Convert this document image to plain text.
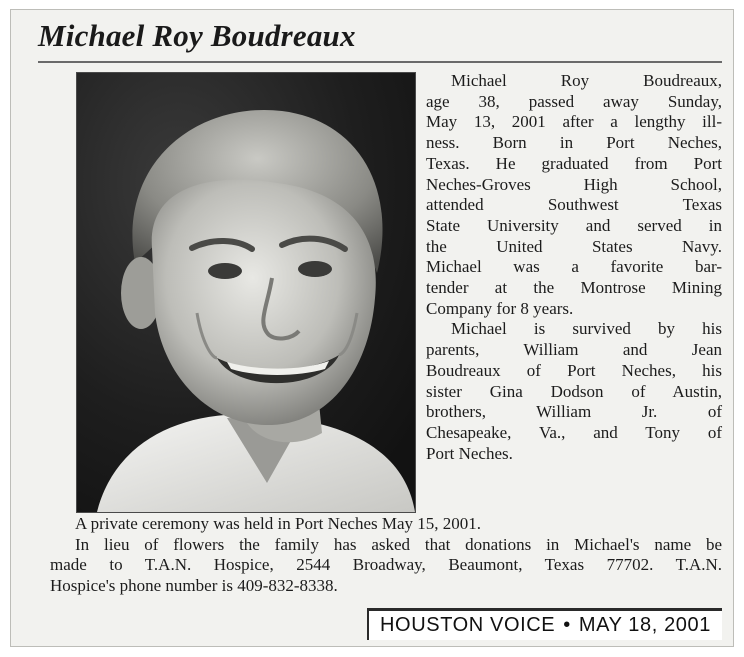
Michael Roy Boudreaux
Michael Roy Boudreaux,
age 38, passed away Sunday,
May 13, 2001 after a lengthy ill-
ness. Born in Port Neches,
Texas. He graduated from Port
Neches-Groves High School,
attended Southwest Texas
State University and served in
the United States Navy.
Michael was a favorite bar-
tender at the Montrose Mining
Company for 8 years.
Michael is survived by his
parents, William and Jean
Boudreaux of Port Neches, his
sister Gina Dodson of Austin,
brothers, William Jr. of
Chesapeake, Va., and Tony of
Port Neches.
A private ceremony was held in Port Neches May 15, 2001.
In lieu of flowers the family has asked that donations in Michael's name be
made to T.A.N. Hospice, 2544 Broadway, Beaumont, Texas 77702. T.A.N.
Hospice's phone number is 409-832-8338.
HOUSTON VOICE • MAY 18, 2001
